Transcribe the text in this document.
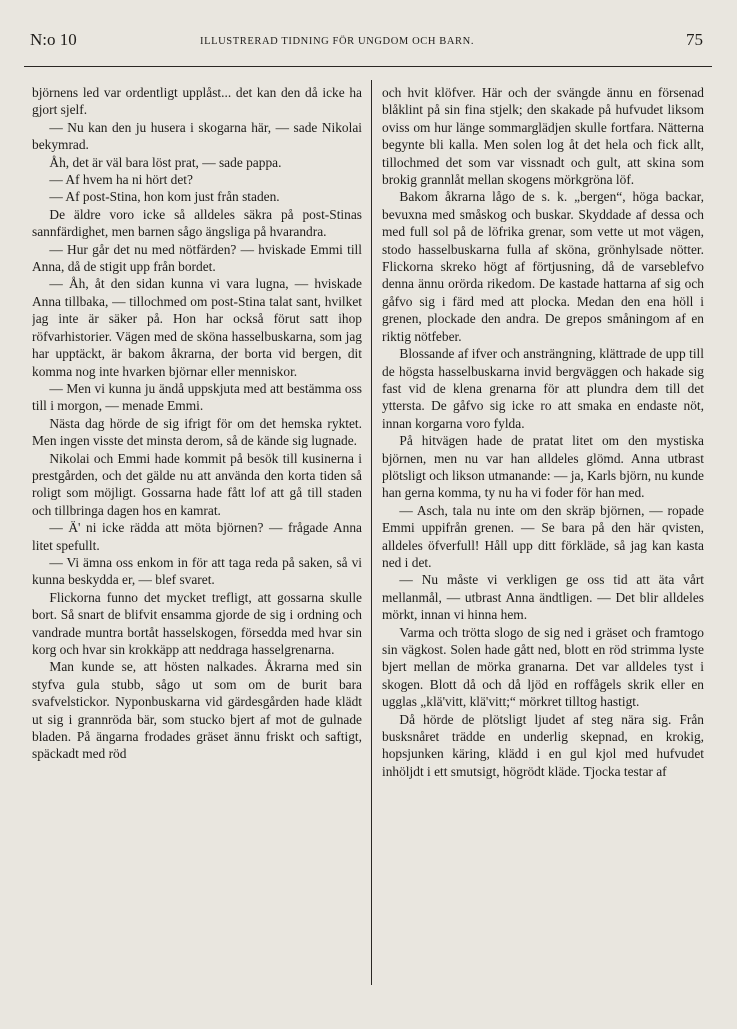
N:o 10	ILLUSTRERAD TIDNING FÖR UNGDOM OCH BARN.	75

björnens led var ordentligt upplåst... det kan den då icke ha gjort sjelf.

— Nu kan den ju husera i skogarna här, — sade Nikolai bekymrad.

Åh, det är väl bara löst prat, — sade pappa.

— Af hvem ha ni hört det?

— Af post-Stina, hon kom just från staden.

De äldre voro icke så alldeles säkra på post-Stinas sannfärdighet, men barnen sågo ängsliga på hvarandra.

— Hur går det nu med nötfärden? — hviskade Emmi till Anna, då de stigit upp från bordet.

— Åh, åt den sidan kunna vi vara lugna, — hviskade Anna tillbaka, — tillochmed om post-Stina talat sant, hvilket jag inte är säker på. Hon har också förut satt ihop röfvarhistorier. Vägen med de sköna hasselbuskarna, som jag har upptäckt, är bakom åkrarna, der borta vid bergen, dit komma nog inte hvarken björnar eller menniskor.

— Men vi kunna ju ändå uppskjuta med att bestämma oss till i morgon, — menade Emmi.

Nästa dag hörde de sig ifrigt för om det hemska ryktet. Men ingen visste det minsta derom, så de kände sig lugnade.

Nikolai och Emmi hade kommit på besök till kusinerna i prestgården, och det gälde nu att använda den korta tiden så roligt som möjligt. Gossarna hade fått lof att gå till staden och tillbringa dagen hos en kamrat.

— Ä' ni icke rädda att möta björnen? — frågade Anna litet spefullt.

— Vi ämna oss enkom in för att taga reda på saken, så vi kunna beskydda er, — blef svaret.

Flickorna funno det mycket trefligt, att gossarna skulle bort. Så snart de blifvit ensamma gjorde de sig i ordning och vandrade muntra bortåt hasselskogen, försedda med hvar sin korg och hvar sin krokkäpp att neddraga hasselgrenarna.

Man kunde se, att hösten nalkades. Åkrarna med sin styfva gula stubb, sågo ut som om de burit bara svafvelstickor. Nyponbuskarna vid gärdesgården hade klädt ut sig i grannröda bär, som stucko bjert af mot de gulnade bladen. På ängarna frodades gräset ännu friskt och saftigt, späckadt med röd

och hvit klöfver. Här och der svängde ännu en försenad blåklint på sin fina stjelk; den skakade på hufvudet liksom oviss om hur länge sommarglädjen skulle fortfara. Nätterna begynte bli kalla. Men solen log åt det hela och fick allt, tillochmed det som var vissnadt och gult, att skina som brokig grannlåt mellan skogens mörkgröna löf.

Bakom åkrarna lågo de s. k. „bergen“, höga backar, bevuxna med småskog och buskar. Skyddade af dessa och med full sol på de löfrika grenar, som vette ut mot vägen, stodo hasselbuskarna fulla af sköna, grönhylsade nötter. Flickorna skreko högt af förtjusning, då de varseblefvo denna ännu orörda rikedom. De kastade hattarna af sig och gåfvo sig i färd med att plocka. Medan den ena höll i grenen, plockade den andra. De grepos småningom af en riktig nötfeber.

Blossande af ifver och ansträngning, klättrade de upp till de högsta hasselbuskarna invid bergväggen och hakade sig fast vid de klena grenarna för att plundra dem till det yttersta. De gåfvo sig icke ro att smaka en endaste nöt, innan korgarna voro fylda.

På hitvägen hade de pratat litet om den mystiska björnen, men nu var han alldeles glömd. Anna utbrast plötsligt och likson utmanande: — ja, Karls björn, nu kunde han gerna komma, ty nu ha vi foder för han med.

— Asch, tala nu inte om den skräp björnen, — ropade Emmi uppifrån grenen. — Se bara på den här qvisten, alldeles öfverfull! Håll upp ditt förkläde, så jag kan kasta ned i det.

— Nu måste vi verkligen ge oss tid att äta vårt mellanmål, — utbrast Anna ändtligen. — Det blir alldeles mörkt, innan vi hinna hem.

Varma och trötta slogo de sig ned i gräset och framtogo sin vägkost. Solen hade gått ned, blott en röd strimma lyste bjert mellan de mörka granarna. Det var alldeles tyst i skogen. Blott då och då ljöd en roffågels skrik eller en ugglas „klä'vitt, klä'vitt;“ mörkret tilltog hastigt.

Då hörde de plötsligt ljudet af steg nära sig. Från busksnåret trädde en underlig skepnad, en krokig, hopsjunken käring, klädd i en gul kjol med hufvudet inhöljdt i ett smutsigt, högrödt kläde. Tjocka testar af
